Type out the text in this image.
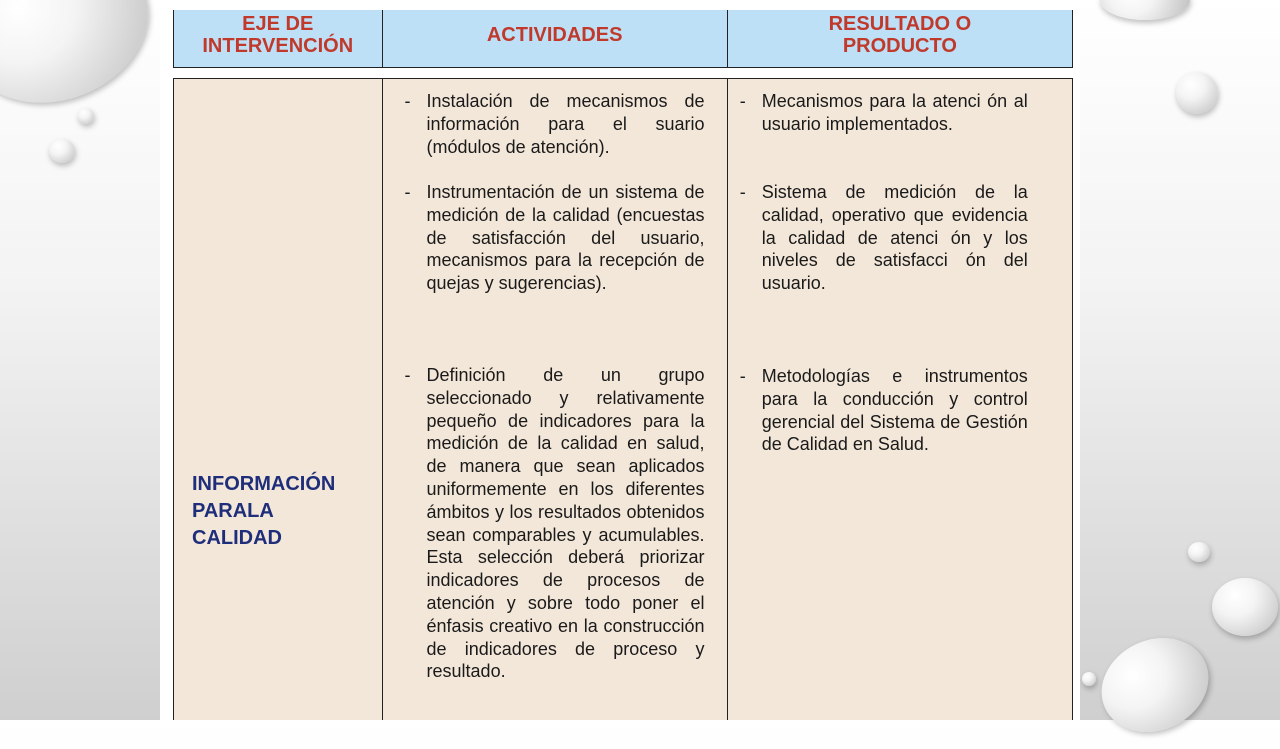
EJE DE
INTERVENCIÓN	ACTIVIDADES	RESULTADO O
PRODUCTO
INFORMACIÓN
PARALA
CALIDAD
- Instalación de mecanismos de información para el suario (módulos de atención).
- Instrumentación de un sistema de medición de la calidad (encuestas de satisfacción del usuario, mecanismos para la recepción de quejas y sugerencias).
- Definición de un grupo seleccionado y relativamente pequeño de indicadores para la medición de la calidad en salud, de manera que sean aplicados uniformemente en los diferentes ámbitos y los resultados obtenidos sean comparables y acumulables. Esta selección deberá priorizar indicadores de procesos de atención y sobre todo poner el énfasis creativo en la construcción de indicadores de proceso y resultado.
- Mecanismos para la atenci ón al usuario implementados.
- Sistema de medición de la calidad, operativo que evidencia la calidad de atenci ón y los niveles de satisfacci ón del usuario.
- Metodologías e instrumentos para la conducción y control gerencial del Sistema de Gestión de Calidad en Salud.
